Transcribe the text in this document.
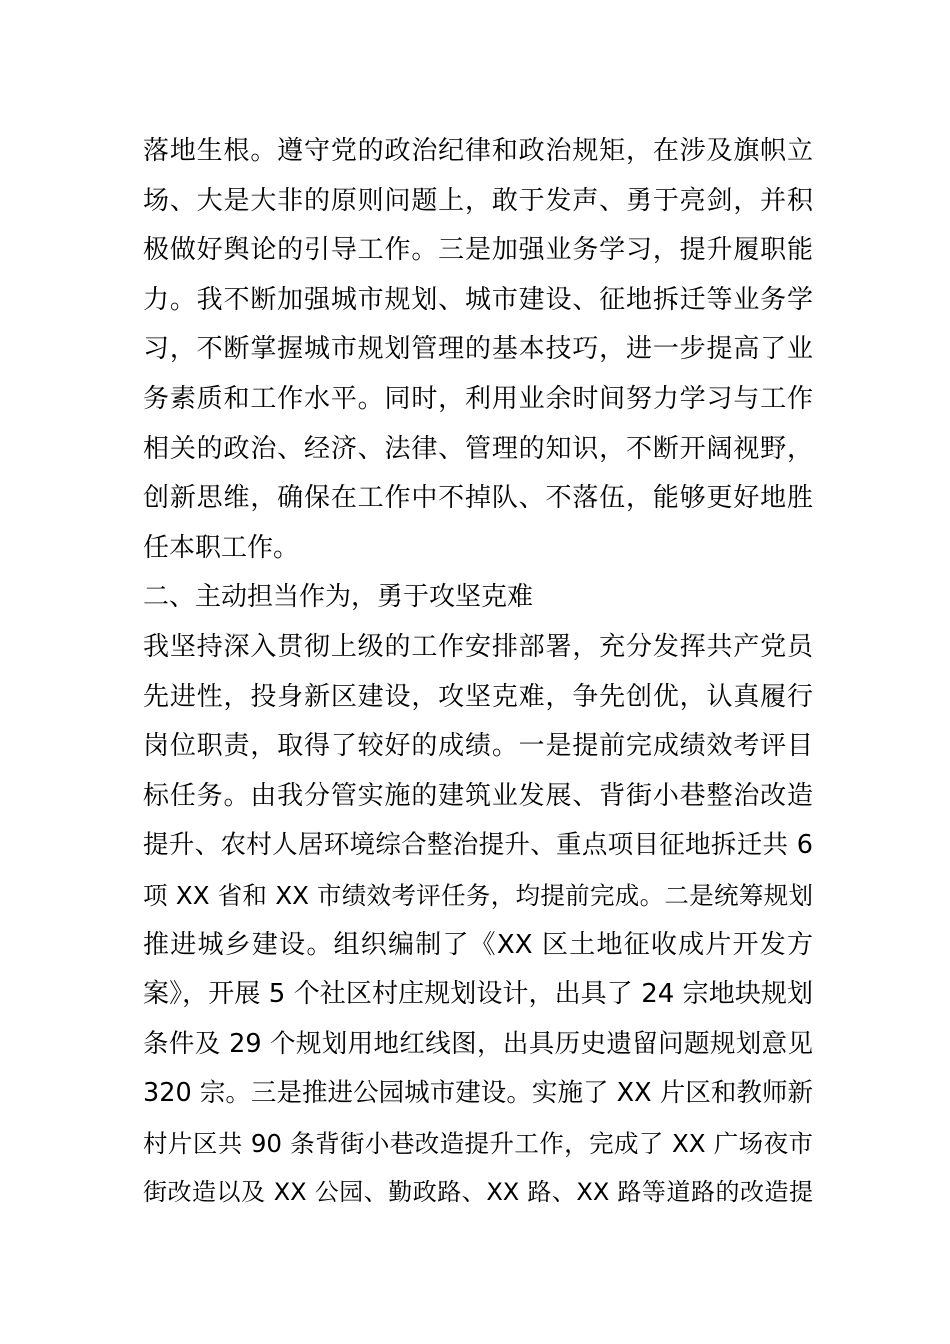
落地生根。遵守党的政治纪律和政治规矩，在涉及旗帜立
场、大是大非的原则问题上，敢于发声、勇于亮剑，并积
极做好舆论的引导工作。三是加强业务学习，提升履职能
力。我不断加强城市规划、城市建设、征地拆迁等业务学
习，不断掌握城市规划管理的基本技巧，进一步提高了业
务素质和工作水平。同时，利用业余时间努力学习与工作
相关的政治、经济、法律、管理的知识，不断开阔视野，
创新思维，确保在工作中不掉队、不落伍，能够更好地胜
任本职工作。
二、主动担当作为，勇于攻坚克难
我坚持深入贯彻上级的工作安排部署，充分发挥共产党员
先进性，投身新区建设，攻坚克难，争先创优，认真履行
岗位职责，取得了较好的成绩。一是提前完成绩效考评目
标任务。由我分管实施的建筑业发展、背街小巷整治改造
提升、农村人居环境综合整治提升、重点项目征地拆迁共 6
项 XX 省和 XX 市绩效考评任务，均提前完成。二是统筹规划
推进城乡建设。组织编制了《XX 区土地征收成片开发方
案》，开展 5 个社区村庄规划设计，出具了 24 宗地块规划
条件及 29 个规划用地红线图，出具历史遗留问题规划意见
320 宗。三是推进公园城市建设。实施了 XX 片区和教师新
村片区共 90 条背街小巷改造提升工作，完成了 XX 广场夜市
街改造以及 XX 公园、勤政路、XX 路、XX 路等道路的改造提
